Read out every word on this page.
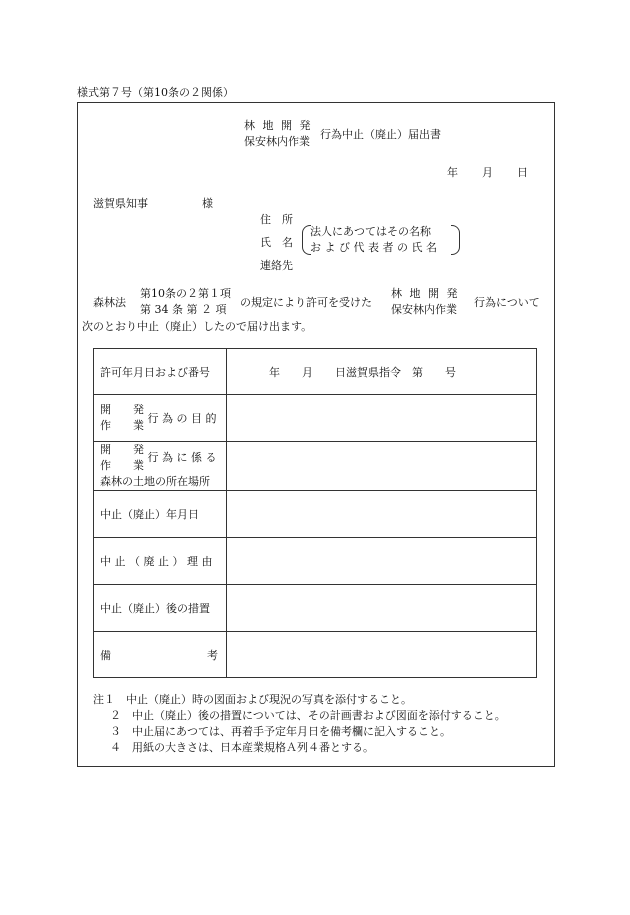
様式第７号（第10条の２関係）
林 地 開 発
保安林内作業
行為中止（廃止）届出書
年 月 日
滋賀県知事	様
住　所
氏　名
法人にあつてはその名称
お よ び 代 表 者 の 氏 名
連絡先
森林法
第10条の２第１項
第 34 条 第 ２ 項
の規定により許可を受けた
林 地 開 発
保安林内作業
行為について
次のとおり中止（廃止）したので届け出ます。
許可年月日および番号	年　　月　　日滋賀県指令　第　　号

開　　発
作　　業
行 為 の 目 的	

開　　発
作　　業
行 為 に 係 る
森林の土地の所在場所	

中止（廃止）年月日	
中 止 （ 廃 止 ） 理 由	
中止（廃止）後の措置	

備 考	

注１　中止（廃止）時の図面および現況の写真を添付すること。
２　中止（廃止）後の措置については、その計画書および図面を添付すること。
３　中止届にあつては、再着手予定年月日を備考欄に記入すること。
４　用紙の大きさは、日本産業規格Ａ列４番とする。
